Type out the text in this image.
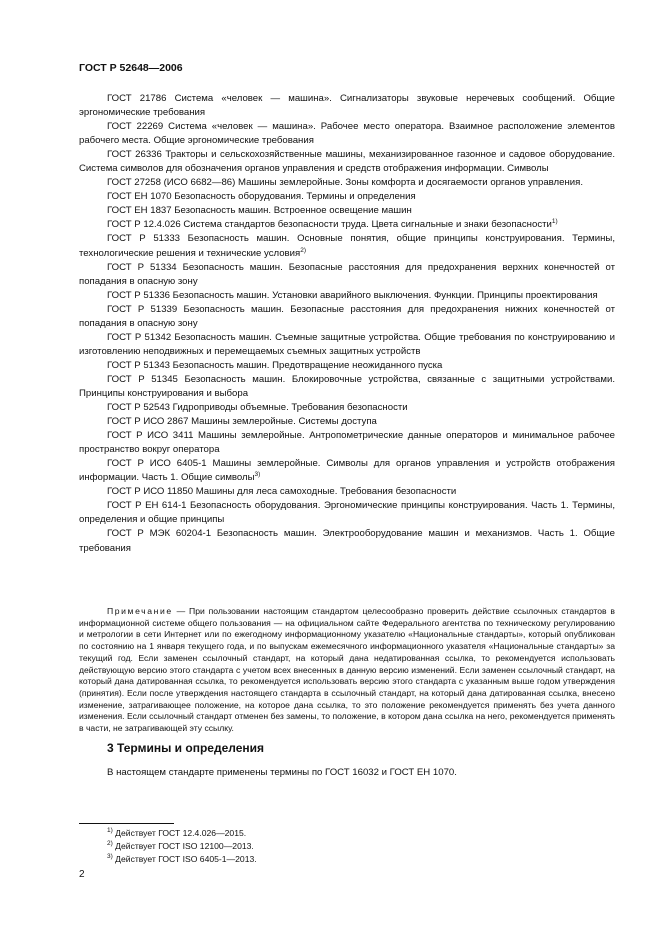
ГОСТ Р 52648—2006

ГОСТ 21786 Система «человек — машина». Сигнализаторы звуковые неречевых сообщений. Общие эргономические требования

ГОСТ 22269 Система «человек — машина». Рабочее место оператора. Взаимное расположение элементов рабочего места. Общие эргономические требования

ГОСТ 26336 Тракторы и сельскохозяйственные машины, механизированное газонное и садовое оборудование. Система символов для обозначения органов управления и средств отображения информации. Символы

ГОСТ 27258 (ИСО 6682—86) Машины землеройные. Зоны комфорта и досягаемости органов управления.

ГОСТ ЕН 1070 Безопасность оборудования. Термины и определения

ГОСТ ЕН 1837 Безопасность машин. Встроенное освещение машин

ГОСТ Р 12.4.026 Система стандартов безопасности труда. Цвета сигнальные и знаки безопасности$^{1)}$

ГОСТ Р 51333 Безопасность машин. Основные понятия, общие принципы конструирования. Термины, технологические решения и технические условия$^{2)}$

ГОСТ Р 51334 Безопасность машин. Безопасные расстояния для предохранения верхних конечностей от попадания в опасную зону

ГОСТ Р 51336 Безопасность машин. Установки аварийного выключения. Функции. Принципы проектирования

ГОСТ Р 51339 Безопасность машин. Безопасные расстояния для предохранения нижних конечностей от попадания в опасную зону

ГОСТ Р 51342 Безопасность машин. Съемные защитные устройства. Общие требования по конструированию и изготовлению неподвижных и перемещаемых съемных защитных устройств

ГОСТ Р 51343 Безопасность машин. Предотвращение неожиданного пуска

ГОСТ Р 51345 Безопасность машин. Блокировочные устройства, связанные с защитными устройствами. Принципы конструирования и выбора

ГОСТ Р 52543 Гидроприводы объемные. Требования безопасности

ГОСТ Р ИСО 2867 Машины землеройные. Системы доступа

ГОСТ Р ИСО 3411 Машины землеройные. Антропометрические данные операторов и минимальное рабочее пространство вокруг оператора

ГОСТ Р ИСО 6405-1 Машины землеройные. Символы для органов управления и устройств отображения информации. Часть 1. Общие символы$^{3)}$

ГОСТ Р ИСО 11850 Машины для леса самоходные. Требования безопасности

ГОСТ Р ЕН 614-1 Безопасность оборудования. Эргономические принципы конструирования. Часть 1. Термины, определения и общие принципы

ГОСТ Р МЭК 60204-1 Безопасность машин. Электрооборудование машин и механизмов. Часть 1. Общие требования

Примечание — При пользовании настоящим стандартом целесообразно проверить действие ссылочных стандартов в информационной системе общего пользования — на официальном сайте Федерального агентства по техническому регулированию и метрологии в сети Интернет или по ежегодному информационному указателю «Национальные стандарты», который опубликован по состоянию на 1 января текущего года, и по выпускам ежемесячного информационного указателя «Национальные стандарты» за текущий год. Если заменен ссылочный стандарт, на который дана недатированная ссылка, то рекомендуется использовать действующую версию этого стандарта с учетом всех внесенных в данную версию изменений. Если заменен ссылочный стандарт, на который дана датированная ссылка, то рекомендуется использовать версию этого стандарта с указанным выше годом утверждения (принятия). Если после утверждения настоящего стандарта в ссылочный стандарт, на который дана датированная ссылка, внесено изменение, затрагивающее положение, на которое дана ссылка, то это положение рекомендуется применять без учета данного изменения. Если ссылочный стандарт отменен без замены, то положение, в котором дана ссылка на него, рекомендуется применять в части, не затрагивающей эту ссылку.

3 Термины и определения
В настоящем стандарте применены термины по ГОСТ 16032 и ГОСТ ЕН 1070.

$^{1)}$ Действует ГОСТ 12.4.026—2015.

$^{2)}$ Действует ГОСТ ISO 12100—2013.

$^{3)}$ Действует ГОСТ ISO 6405-1—2013.

2
